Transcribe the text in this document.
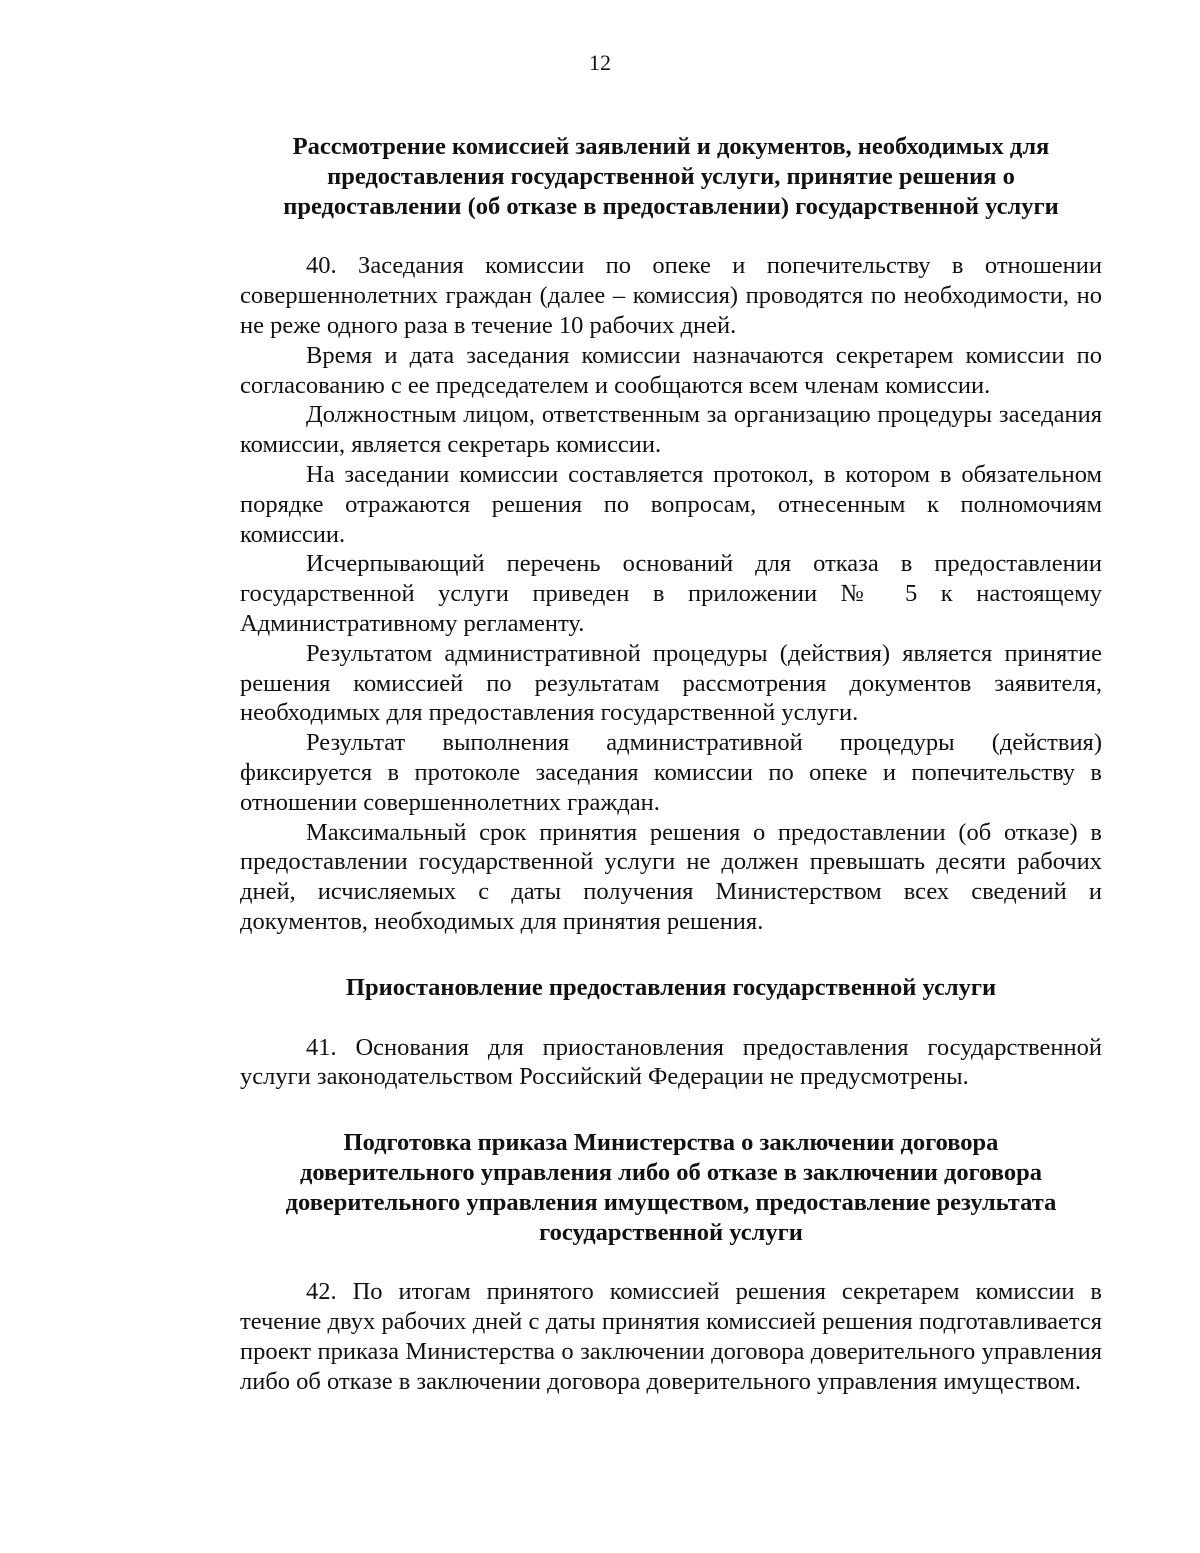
12
Рассмотрение комиссией заявлений и документов, необходимых для
предоставления государственной услуги, принятие решения о
предоставлении (об отказе в предоставлении) государственной услуги

40. Заседания комиссии по опеке и попечительству в отношении совершеннолетних граждан (далее – комиссия) проводятся по необходимости, но не реже одного раза в течение 10 рабочих дней.

Время и дата заседания комиссии назначаются секретарем комиссии по согласованию с ее председателем и сообщаются всем членам комиссии.

Должностным лицом, ответственным за организацию процедуры заседания комиссии, является секретарь комиссии.

На заседании комиссии составляется протокол, в котором в обязательном порядке отражаются решения по вопросам, отнесенным к полномочиям комиссии.

Исчерпывающий перечень оснований для отказа в предоставлении государственной услуги приведен в приложении № 5 к настоящему Административному регламенту.

Результатом административной процедуры (действия) является принятие решения комиссией по результатам рассмотрения документов заявителя, необходимых для предоставления государственной услуги.

Результат выполнения административной процедуры (действия) фиксируется в протоколе заседания комиссии по опеке и попечительству в отношении совершеннолетних граждан.

Максимальный срок принятия решения о предоставлении (об отказе) в предоставлении государственной услуги не должен превышать десяти рабочих дней, исчисляемых с даты получения Министерством всех сведений и документов, необходимых для принятия решения.

Приостановление предоставления государственной услуги

41. Основания для приостановления предоставления государственной услуги законодательством Российский Федерации не предусмотрены.

Подготовка приказа Министерства о заключении договора
доверительного управления либо об отказе в заключении договора
доверительного управления имуществом, предоставление результата
государственной услуги

42. По итогам принятого комиссией решения секретарем комиссии в течение двух рабочих дней с даты принятия комиссией решения подготавливается проект приказа Министерства о заключении договора доверительного управления либо об отказе в заключении договора доверительного управления имуществом.
